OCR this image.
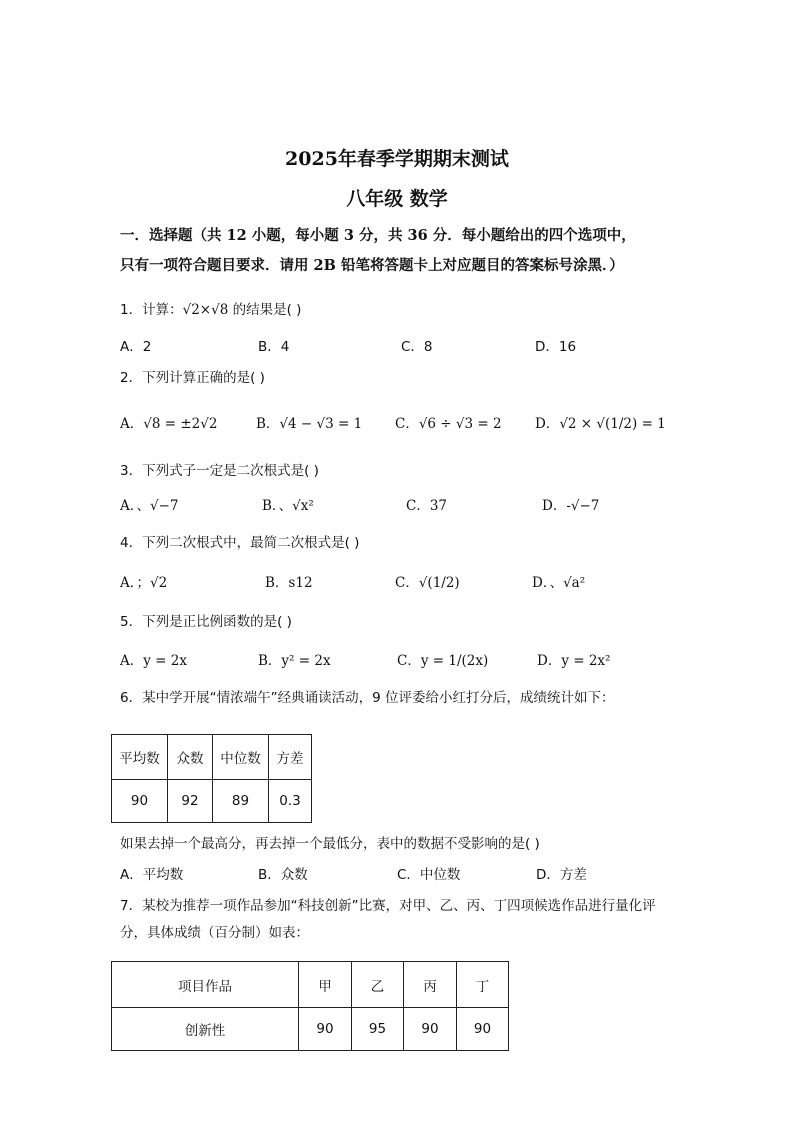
2025年春季学期期末测试
八年级 数学
一．选择题（共 12 小题，每小题 3 分，共 36 分．每小题给出的四个选项中，
只有一项符合题目要求．请用 2B 铅笔将答题卡上对应题目的答案标号涂黑．）
1．计算：√2×√8 的结果是( )
A．2	B．4	C．8	D．16
2．下列计算正确的是( )
A．√8 = ±2√2	B．√4 − √3 = 1 C．√6 ÷ √3 = 2 D．√2 × √(1/2) = 1
3．下列式子一定是二次根式是( )
A．、√−7	B．、√x²	C．37	D．-√−7
4．下列二次根式中，最简二次根式是( )
A．；√2	B．s12	C．√(1/2)	D．、√a²
5．下列是正比例函数的是( )
A．y = 2x	B．y² = 2x	C．y = 1/(2x)	D．y = 2x²
6．某中学开展“情浓端午”经典诵读活动，9 位评委给小红打分后，成绩统计如下：
平均数	众数	中位数	方差
90	92	89	0.3
如果去掉一个最高分，再去掉一个最低分，表中的数据不受影响的是( )
A．平均数	B．众数	C．中位数	D．方差
7．某校为推荐一项作品参加“科技创新”比赛，对甲、乙、丙、丁四项候选作品进行量化评
分，具体成绩（百分制）如表：
项目作品	甲	乙	丙	丁
创新性	90	95	90	90
